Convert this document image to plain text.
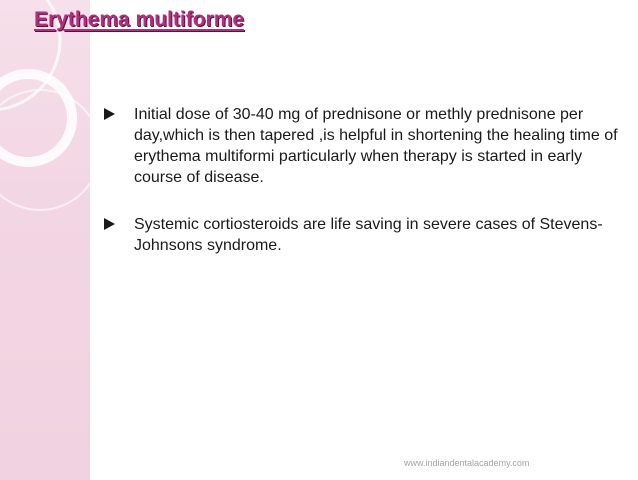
Erythema multiforme
Initial dose of 30-40 mg of prednisone or methly prednisone per day,which is then tapered ,is helpful in shortening the healing time of erythema multiformi particularly when therapy is started in early course of disease.
Systemic cortiosteroids are life saving in severe cases of Stevens-Johnsons syndrome.
www.indiandentalacademy.com
